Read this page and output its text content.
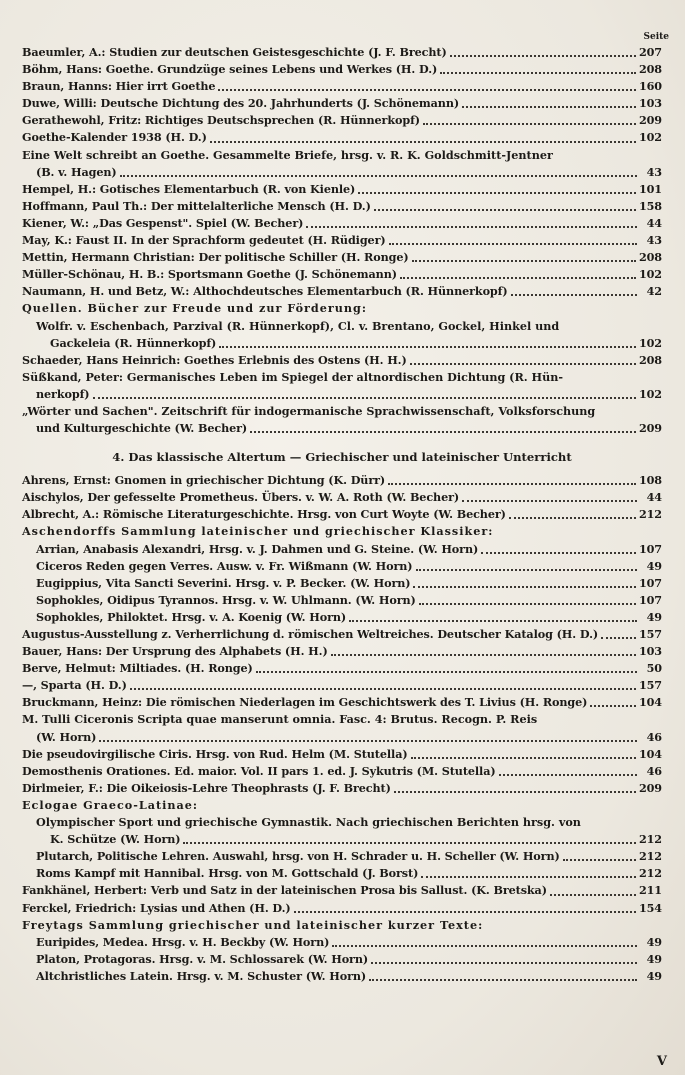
Seite
Baeumler, A.: Studien zur deutschen Geistesgeschichte (J. F. Brecht)	207
Böhm, Hans: Goethe. Grundzüge seines Lebens und Werkes (H. D.)	208
Braun, Hanns: Hier irrt Goethe	160
Duwe, Willi: Deutsche Dichtung des 20. Jahrhunderts (J. Schönemann)	103
Gerathewohl, Fritz: Richtiges Deutschsprechen (R. Hünnerkopf)	209
Goethe-Kalender 1938 (H. D.)	102
Eine Welt schreibt an Goethe. Gesammelte Briefe, hrsg. v. R. K. Goldschmitt-Jentner
(B. v. Hagen)	43
Hempel, H.: Gotisches Elementarbuch (R. von Kienle)	101
Hoffmann, Paul Th.: Der mittelalterliche Mensch (H. D.)	158
Kiener, W.: „Das Gespenst". Spiel (W. Becher)	44
May, K.: Faust II. In der Sprachform gedeutet (H. Rüdiger)	43
Mettin, Hermann Christian: Der politische Schiller (H. Ronge)	208
Müller-Schönau, H. B.: Sportsmann Goethe (J. Schönemann)	102
Naumann, H. und Betz, W.: Althochdeutsches Elementarbuch (R. Hünnerkopf)	42
Quellen. Bücher zur Freude und zur Förderung:
Wolfr. v. Eschenbach, Parzival (R. Hünnerkopf), Cl. v. Brentano, Gockel, Hinkel und
Gackeleia (R. Hünnerkopf)	102
Schaeder, Hans Heinrich: Goethes Erlebnis des Ostens (H. H.)	208
Süßkand, Peter: Germanisches Leben im Spiegel der altnordischen Dichtung (R. Hün-
nerkopf)	102
„Wörter und Sachen". Zeitschrift für indogermanische Sprachwissenschaft, Volksforschung
und Kulturgeschichte (W. Becher)	209
4. Das klassische Altertum — Griechischer und lateinischer Unterricht
Ahrens, Ernst: Gnomen in griechischer Dichtung (K. Dürr)	108
Aischylos, Der gefesselte Prometheus. Übers. v. W. A. Roth (W. Becher)	44
Albrecht, A.: Römische Literaturgeschichte. Hrsg. von Curt Woyte (W. Becher)	212
Aschendorffs Sammlung lateinischer und griechischer Klassiker:
Arrian, Anabasis Alexandri, Hrsg. v. J. Dahmen und G. Steine. (W. Horn)	107
Ciceros Reden gegen Verres. Ausw. v. Fr. Wißmann (W. Horn)	49
Eugippius, Vita Sancti Severini. Hrsg. v. P. Becker. (W. Horn)	107
Sophokles, Oidipus Tyrannos. Hrsg. v. W. Uhlmann. (W. Horn)	107
Sophokles, Philoktet. Hrsg. v. A. Koenig (W. Horn)	49
Augustus-Ausstellung z. Verherrlichung d. römischen Weltreiches. Deutscher Katalog (H. D.)	157
Bauer, Hans: Der Ursprung des Alphabets (H. H.)	103
Berve, Helmut: Miltiades. (H. Ronge)	50
—, Sparta (H. D.)	157
Bruckmann, Heinz: Die römischen Niederlagen im Geschichtswerk des T. Livius (H. Ronge)	104
M. Tulli Ciceronis Scripta quae manserunt omnia. Fasc. 4: Brutus. Recogn. P. Reis
(W. Horn)	46
Die pseudovirgilische Ciris. Hrsg. von Rud. Helm (M. Stutella)	104
Demosthenis Orationes. Ed. maior. Vol. II pars 1. ed. J. Sykutris (M. Stutella)	46
Dirlmeier, F.: Die Oikeiosis-Lehre Theophrasts (J. F. Brecht)	209
Eclogae Graeco-Latinae:
Olympischer Sport und griechische Gymnastik. Nach griechischen Berichten hrsg. von
K. Schütze (W. Horn)	212
Plutarch, Politische Lehren. Auswahl, hrsg. von H. Schrader u. H. Scheller (W. Horn)	212
Roms Kampf mit Hannibal. Hrsg. von M. Gottschald (J. Borst)	212
Fankhänel, Herbert: Verb und Satz in der lateinischen Prosa bis Sallust. (K. Bretska)	211
Ferckel, Friedrich: Lysias und Athen (H. D.)	154
Freytags Sammlung griechischer und lateinischer kurzer Texte:
Euripides, Medea. Hrsg. v. H. Beckby (W. Horn)	49
Platon, Protagoras. Hrsg. v. M. Schlossarek (W. Horn)	49
Altchristliches Latein. Hrsg. v. M. Schuster (W. Horn)	49
V
